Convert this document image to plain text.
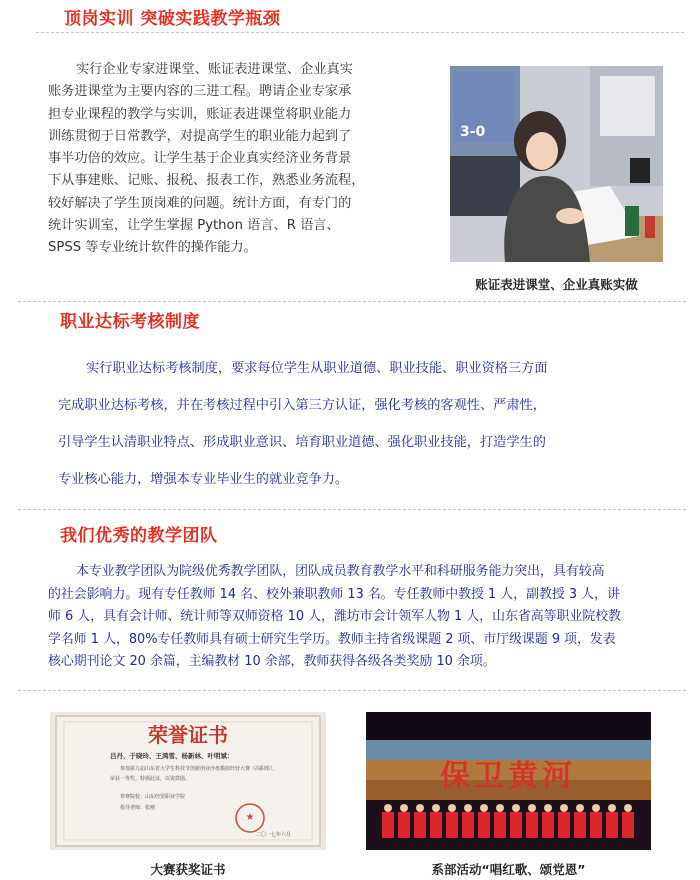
顶岗实训 突破实践教学瓶颈
实行企业专家进课堂、账证表进课堂、企业真实
账务进课堂为主要内容的三进工程。聘请企业专家承
担专业课程的教学与实训，账证表进课堂将职业能力
训练贯彻于日常教学，对提高学生的职业能力起到了
事半功倍的效应。让学生基于企业真实经济业务背景
下从事建账、记账、报税、报表工作，熟悉业务流程，
较好解决了学生顶岗难的问题。统计方面，有专门的
统计实训室，让学生掌握 Python 语言、R 语言、
SPSS 等专业统计软件的操作能力。
3-0
账证表进课堂、企业真账实做
职业达标考核制度
实行职业达标考核制度，要求每位学生从职业道德、职业技能、职业资格三方面
完成职业达标考核，并在考核过程中引入第三方认证，强化考核的客观性、严肃性，
引导学生认清职业特点、形成职业意识、培育职业道德、强化职业技能，打造学生的
专业核心能力，增强本专业毕业生的就业竞争力。
我们优秀的教学团队
本专业教学团队为院级优秀教学团队，团队成员教育教学水平和科研服务能力突出，具有较高
的社会影响力。现有专任教师 14 名、校外兼职教师 13 名。专任教师中教授 1 人，副教授 3 人，讲
师 6 人，具有会计师、统计师等双师资格 10 人，潍坊市会计领军人物 1 人，山东省高等职业院校教
学名师 1 人，80%专任教师具有硕士研究生学历。教师主持省级课题 2 项、市厅级课题 9 项，发表
核心期刊论文 20 余篇，主编教材 10 余部，教师获得各级各类奖励 10 余项。
荣誉证书
吕丹、于晓玲、王鸿雪、杨新林、叶明斌：
参加第九届山东省大学生科技节创新创业沙盘模拟经营大赛（高职组），
荣获一等奖。特颁此证，以资鼓励。
参赛院校：山东经贸职业学院
指导老师：张刚
★
二〇一七年六月
大赛获奖证书
保卫黄河
系部活动“唱红歌、颂党恩”
